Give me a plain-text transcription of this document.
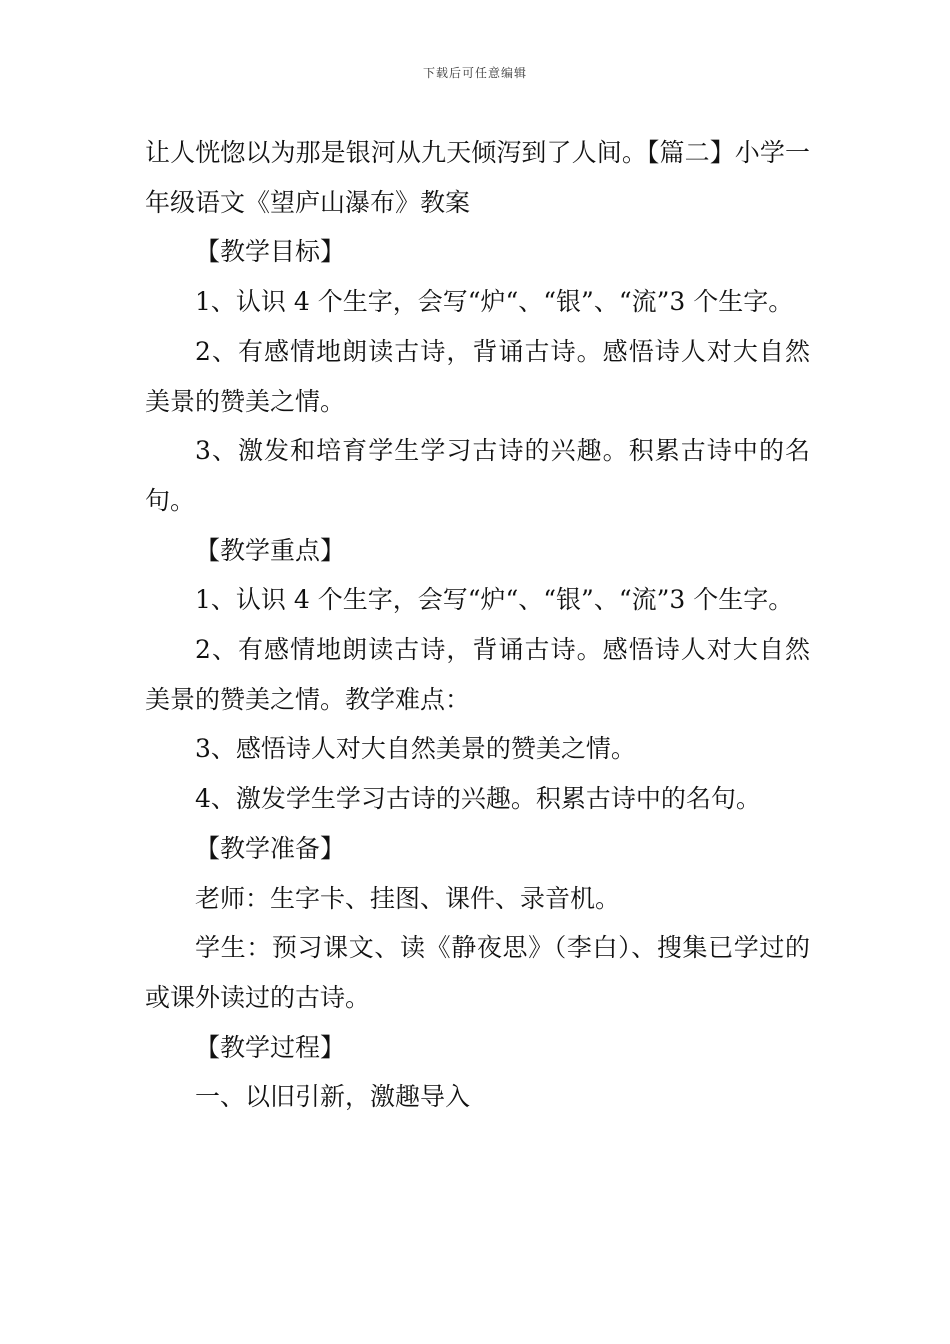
下载后可任意编辑

让人恍惚以为那是银河从九天倾泻到了人间。【篇二】小学一年级语文《望庐山瀑布》教案

【教学目标】

1、认识 4 个生字，会写“炉“、“银”、“流”3 个生字。

2、有感情地朗读古诗，背诵古诗。感悟诗人对大自然美景的赞美之情。

3、激发和培育学生学习古诗的兴趣。积累古诗中的名句。

【教学重点】

1、认识 4 个生字，会写“炉“、“银”、“流”3 个生字。

2、有感情地朗读古诗，背诵古诗。感悟诗人对大自然美景的赞美之情。教学难点：

3、感悟诗人对大自然美景的赞美之情。

4、激发学生学习古诗的兴趣。积累古诗中的名句。

【教学准备】

老师：生字卡、挂图、课件、录音机。

学生：预习课文、读《静夜思》（李白）、搜集已学过的或课外读过的古诗。

【教学过程】

一、以旧引新，激趣导入
